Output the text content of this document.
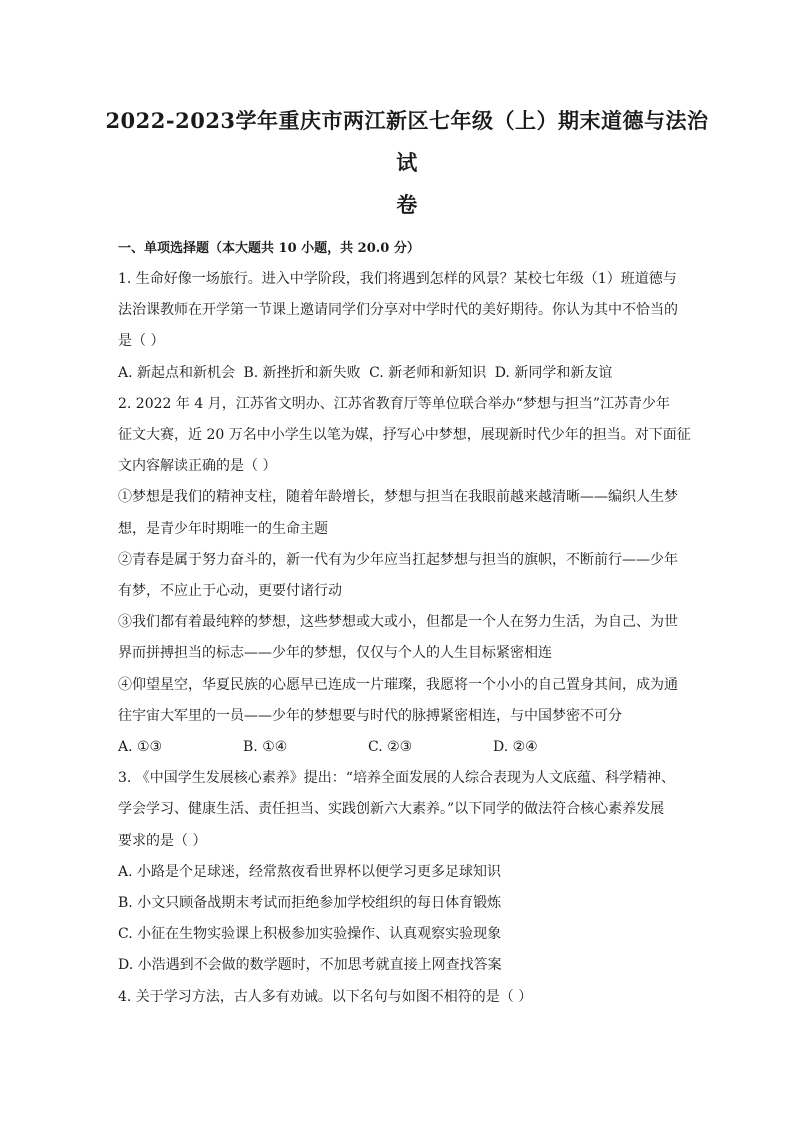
2022-2023学年重庆市两江新区七年级（上）期末道德与法治试
卷
一、单项选择题（本大题共 10 小题，共 20.0 分）
1. 生命好像一场旅行。进入中学阶段，我们将遇到怎样的风景？某校七年级（1）班道德与
法治课教师在开学第一节课上邀请同学们分享对中学时代的美好期待。你认为其中不恰当的
是（ ）
A. 新起点和新机会 B. 新挫折和新失败 C. 新老师和新知识 D. 新同学和新友谊
2. 2022 年 4 月，江苏省文明办、江苏省教育厅等单位联合举办“梦想与担当”江苏青少年
征文大赛，近 20 万名中小学生以笔为媒，抒写心中梦想，展现新时代少年的担当。对下面征
文内容解读正确的是（ ）
①梦想是我们的精神支柱，随着年龄增长，梦想与担当在我眼前越来越清晰——编织人生梦
想，是青少年时期唯一的生命主题
②青春是属于努力奋斗的，新一代有为少年应当扛起梦想与担当的旗帜，不断前行——少年
有梦，不应止于心动，更要付诸行动
③我们都有着最纯粹的梦想，这些梦想或大或小，但都是一个人在努力生活，为自己、为世
界而拼搏担当的标志——少年的梦想，仅仅与个人的人生目标紧密相连
④仰望星空，华夏民族的心愿早已连成一片璀璨，我愿将一个小小的自己置身其间，成为通
往宇宙大军里的一员——少年的梦想要与时代的脉搏紧密相连，与中国梦密不可分
A. ①③	B. ①④	C. ②③	D. ②④
3. 《中国学生发展核心素养》提出：“培养全面发展的人综合表现为人文底蕴、科学精神、
学会学习、健康生活、责任担当、实践创新六大素养。”以下同学的做法符合核心素养发展
要求的是（ ）
A. 小路是个足球迷，经常熬夜看世界杯以便学习更多足球知识
B. 小文只顾备战期末考试而拒绝参加学校组织的每日体育锻炼
C. 小征在生物实验课上积极参加实验操作、认真观察实验现象
D. 小浩遇到不会做的数学题时，不加思考就直接上网查找答案
4. 关于学习方法，古人多有劝诫。以下名句与如图不相符的是（ ）
